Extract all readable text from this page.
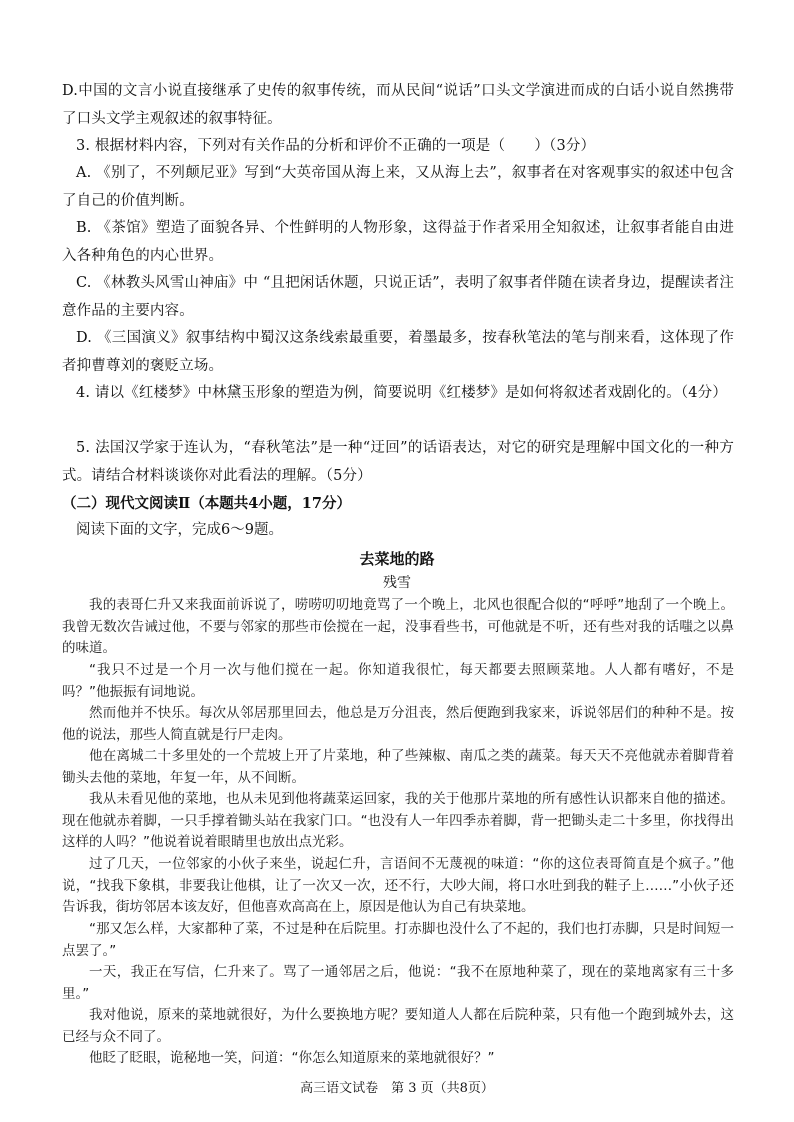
D.中国的文言小说直接继承了史传的叙事传统，而从民间“说话”口头文学演进而成的白话小说自然携带了口头文学主观叙述的叙事特征。

3. 根据材料内容，下列对有关作品的分析和评价不正确的一项是（　　）（3分）

A. 《别了，不列颠尼亚》写到“大英帝国从海上来，又从海上去”，叙事者在对客观事实的叙述中包含了自己的价值判断。

B. 《茶馆》塑造了面貌各异、个性鲜明的人物形象，这得益于作者采用全知叙述，让叙事者能自由进入各种角色的内心世界。

C. 《林教头风雪山神庙》中 “且把闲话休题，只说正话”，表明了叙事者伴随在读者身边，提醒读者注意作品的主要内容。

D. 《三国演义》叙事结构中蜀汉这条线索最重要，着墨最多，按春秋笔法的笔与削来看，这体现了作者抑曹尊刘的褒贬立场。

4. 请以《红楼梦》中林黛玉形象的塑造为例，简要说明《红楼梦》是如何将叙述者戏剧化的。（4分）

5. 法国汉学家于连认为，“春秋笔法”是一种“迂回”的话语表达，对它的研究是理解中国文化的一种方式。请结合材料谈谈你对此看法的理解。（5分）

（二）现代文阅读Ⅱ（本题共4小题，17分）

阅读下面的文字，完成6～9题。

去菜地的路

残雪

我的表哥仁升又来我面前诉说了，唠唠叨叨地竟骂了一个晚上，北风也很配合似的“呼呼”地刮了一个晚上。我曾无数次告诫过他，不要与邻家的那些市侩搅在一起，没事看些书，可他就是不听，还有些对我的话嗤之以鼻的味道。

“我只不过是一个月一次与他们搅在一起。你知道我很忙，每天都要去照顾菜地。人人都有嗜好，不是吗？”他振振有词地说。

然而他并不快乐。每次从邻居那里回去，他总是万分沮丧，然后便跑到我家来，诉说邻居们的种种不是。按他的说法，那些人简直就是行尸走肉。

他在离城二十多里处的一个荒坡上开了片菜地，种了些辣椒、南瓜之类的蔬菜。每天天不亮他就赤着脚背着锄头去他的菜地，年复一年，从不间断。

我从未看见他的菜地，也从未见到他将蔬菜运回家，我的关于他那片菜地的所有感性认识都来自他的描述。现在他就赤着脚，一只手撑着锄头站在我家门口。“也没有人一年四季赤着脚，背一把锄头走二十多里，你找得出这样的人吗？”他说着说着眼睛里也放出点光彩。

过了几天，一位邻家的小伙子来坐，说起仁升，言语间不无蔑视的味道：“你的这位表哥简直是个疯子。”他说，“找我下象棋，非要我让他棋，让了一次又一次，还不行，大吵大闹，将口水吐到我的鞋子上……”小伙子还告诉我，街坊邻居本该友好，但他喜欢高高在上，原因是他认为自己有块菜地。

“那又怎么样，大家都种了菜，不过是种在后院里。打赤脚也没什么了不起的，我们也打赤脚，只是时间短一点罢了。”

一天，我正在写信，仁升来了。骂了一通邻居之后，他说：“我不在原地种菜了，现在的菜地离家有三十多里。”

我对他说，原来的菜地就很好，为什么要换地方呢？要知道人人都在后院种菜，只有他一个跑到城外去，这已经与众不同了。

他眨了眨眼，诡秘地一笑，问道：“你怎么知道原来的菜地就很好？”

高三语文试卷　第 3 页（共8页）
